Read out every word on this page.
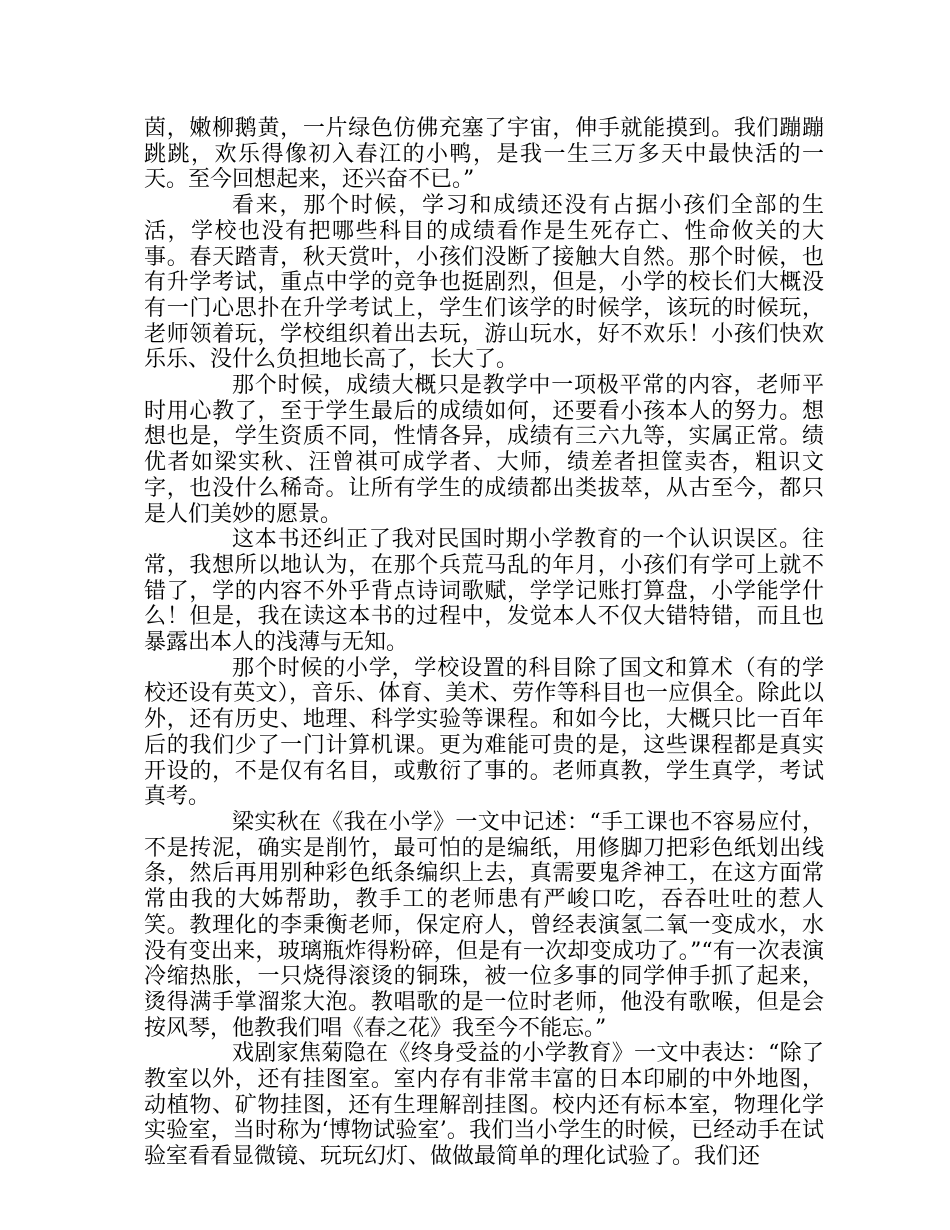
茵，嫩柳鹅黄，一片绿色仿佛充塞了宇宙，伸手就能摸到。我们蹦蹦跳跳，欢乐得像初入春江的小鸭，是我一生三万多天中最快活的一天。至今回想起来，还兴奋不已。”

看来，那个时候，学习和成绩还没有占据小孩们全部的生活，学校也没有把哪些科目的成绩看作是生死存亡、性命攸关的大事。春天踏青，秋天赏叶，小孩们没断了接触大自然。那个时候，也有升学考试，重点中学的竞争也挺剧烈，但是，小学的校长们大概没有一门心思扑在升学考试上，学生们该学的时候学，该玩的时候玩，老师领着玩，学校组织着出去玩，游山玩水，好不欢乐！小孩们快欢乐乐、没什么负担地长高了，长大了。

那个时候，成绩大概只是教学中一项极平常的内容，老师平时用心教了，至于学生最后的成绩如何，还要看小孩本人的努力。想想也是，学生资质不同，性情各异，成绩有三六九等，实属正常。绩优者如梁实秋、汪曾祺可成学者、大师，绩差者担筐卖杏，粗识文字，也没什么稀奇。让所有学生的成绩都出类拔萃，从古至今，都只是人们美妙的愿景。

这本书还纠正了我对民国时期小学教育的一个认识误区。往常，我想所以地认为，在那个兵荒马乱的年月，小孩们有学可上就不错了，学的内容不外乎背点诗词歌赋，学学记账打算盘，小学能学什么！但是，我在读这本书的过程中，发觉本人不仅大错特错，而且也暴露出本人的浅薄与无知。

那个时候的小学，学校设置的科目除了国文和算术（有的学校还设有英文），音乐、体育、美术、劳作等科目也一应俱全。除此以外，还有历史、地理、科学实验等课程。和如今比，大概只比一百年后的我们少了一门计算机课。更为难能可贵的是，这些课程都是真实开设的，不是仅有名目，或敷衍了事的。老师真教，学生真学，考试真考。

梁实秋在《我在小学》一文中记述：“手工课也不容易应付，不是抟泥，确实是削竹，最可怕的是编纸，用修脚刀把彩色纸划出线条，然后再用别种彩色纸条编织上去，真需要鬼斧神工，在这方面常常由我的大姊帮助，教手工的老师患有严峻口吃，吞吞吐吐的惹人笑。教理化的李秉衡老师，保定府人，曾经表演氢二氧一变成水，水没有变出来，玻璃瓶炸得粉碎，但是有一次却变成功了。”“有一次表演冷缩热胀，一只烧得滚烫的铜珠，被一位多事的同学伸手抓了起来，烫得满手掌溜浆大泡。教唱歌的是一位时老师，他没有歌喉，但是会按风琴，他教我们唱《春之花》我至今不能忘。”

戏剧家焦菊隐在《终身受益的小学教育》一文中表达：“除了教室以外，还有挂图室。室内存有非常丰富的日本印刷的中外地图，动植物、矿物挂图，还有生理解剖挂图。校内还有标本室，物理化学实验室，当时称为‘博物试验室’。我们当小学生的时候，已经动手在试验室看看显微镜、玩玩幻灯、做做最简单的理化试验了。我们还
